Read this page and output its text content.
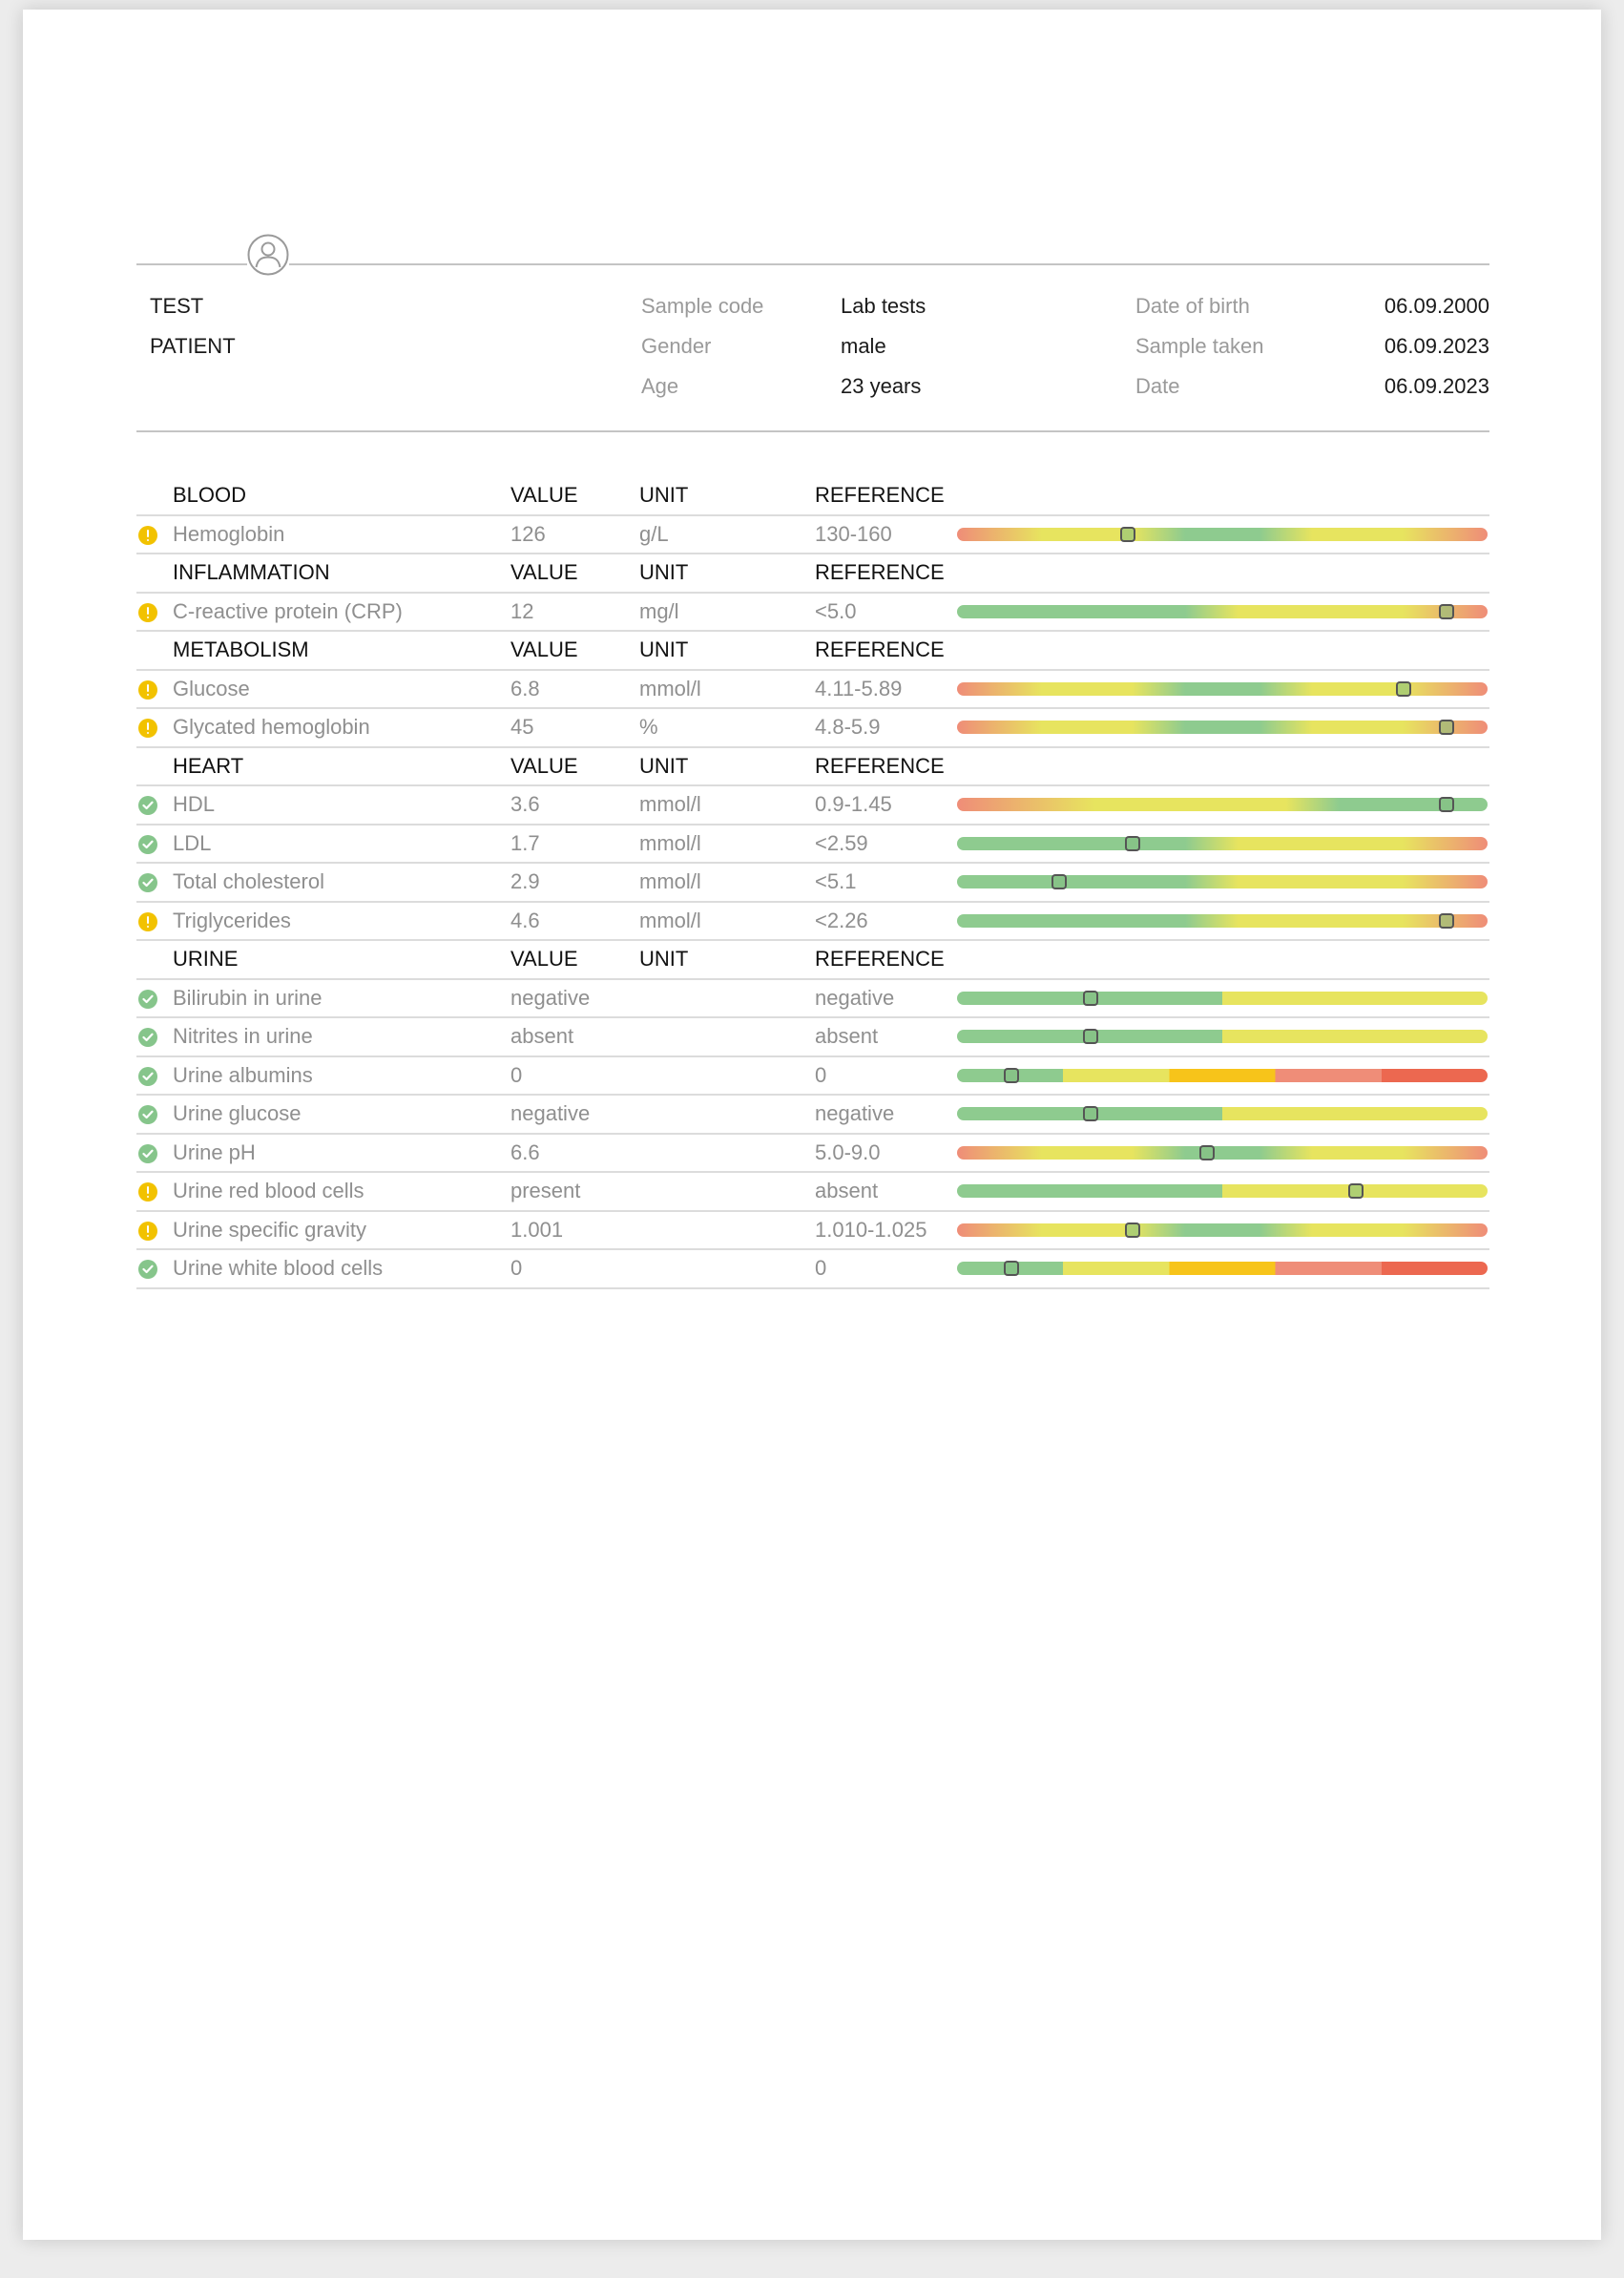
TEST
PATIENT
Sample code	Lab tests
Gender	male
Age	23 years
Date of birth	06.09.2000
Sample taken	06.09.2023
Date	06.09.2023
	BLOOD	VALUE	UNIT	REFERENCE	
	Hemoglobin	126	g/L	130-160	

	INFLAMMATION	VALUE	UNIT	REFERENCE	
	C-reactive protein (CRP)	12	mg/l	<5.0	

	METABOLISM	VALUE	UNIT	REFERENCE	
	Glucose	6.8	mmol/l	4.11-5.89	

	Glycated hemoglobin	45	%	4.8-5.9	

	HEART	VALUE	UNIT	REFERENCE	

	HDL	3.6	mmol/l	0.9-1.45	

	LDL	1.7	mmol/l	<2.59	

	Total cholesterol	2.9	mmol/l	<5.1	

	Triglycerides	4.6	mmol/l	<2.26	

	URINE	VALUE	UNIT	REFERENCE	

	Bilirubin in urine	negative		negative	

	Nitrites in urine	absent		absent	

	Urine albumins	0		0	

	Urine glucose	negative		negative	

	Urine pH	6.6		5.0-9.0	

	Urine red blood cells	present		absent	

	Urine specific gravity	1.001		1.010-1.025	

	Urine white blood cells	0		0	
